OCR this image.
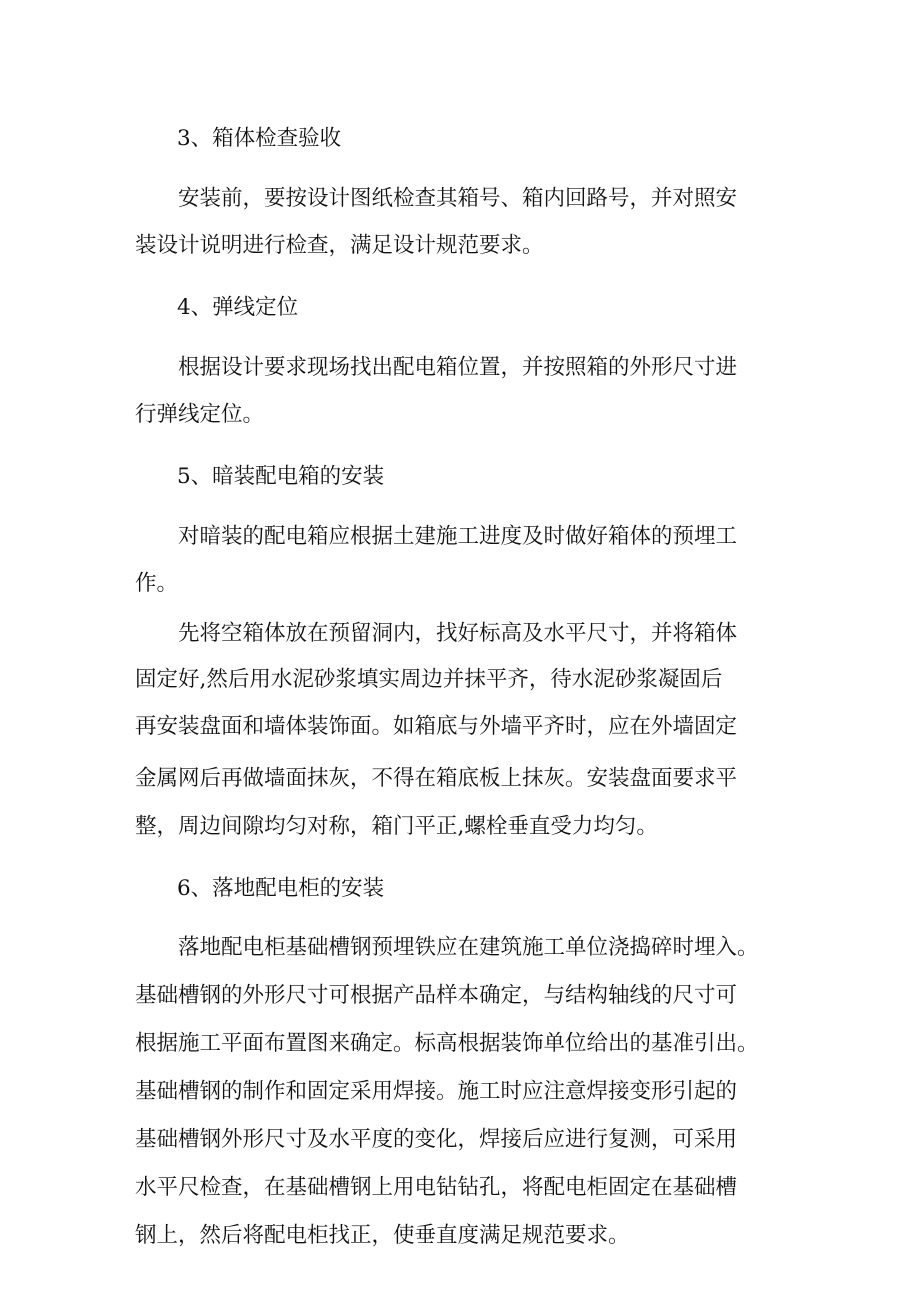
3、箱体检查验收
安装前，要按设计图纸检查其箱号、箱内回路号，并对照安
装设计说明进行检查，满足设计规范要求。
4、弹线定位
根据设计要求现场找出配电箱位置，并按照箱的外形尺寸进
行弹线定位。
5、暗装配电箱的安装
对暗装的配电箱应根据土建施工进度及时做好箱体的预埋工
作。
先将空箱体放在预留洞内，找好标高及水平尺寸，并将箱体
固定好,然后用水泥砂浆填实周边并抹平齐，待水泥砂浆凝固后
再安装盘面和墙体装饰面。如箱底与外墙平齐时，应在外墙固定
金属网后再做墙面抹灰，不得在箱底板上抹灰。安装盘面要求平
整，周边间隙均匀对称，箱门平正,螺栓垂直受力均匀。
6、落地配电柜的安装
落地配电柜基础槽钢预埋铁应在建筑施工单位浇捣碎时埋入。
基础槽钢的外形尺寸可根据产品样本确定，与结构轴线的尺寸可
根据施工平面布置图来确定。标高根据装饰单位给出的基准引出。
基础槽钢的制作和固定采用焊接。施工时应注意焊接变形引起的
基础槽钢外形尺寸及水平度的变化，焊接后应进行复测，可采用
水平尺检查，在基础槽钢上用电钻钻孔，将配电柜固定在基础槽
钢上，然后将配电柜找正，使垂直度满足规范要求。
